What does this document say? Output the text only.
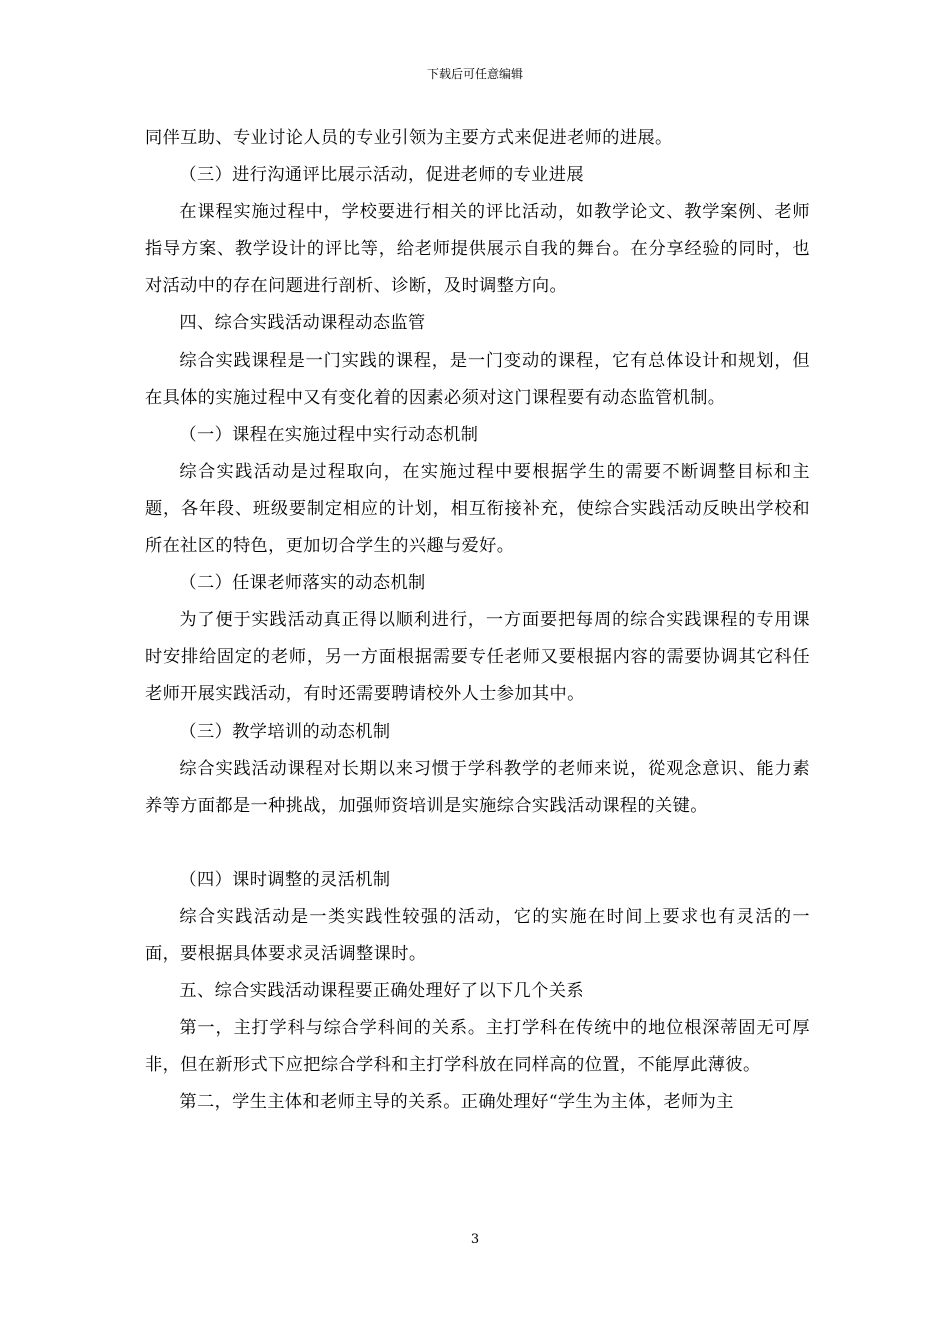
下载后可任意编辑

同伴互助、专业讨论人员的专业引领为主要方式来促进老师的进展。

（三）进行沟通评比展示活动，促进老师的专业进展

在课程实施过程中，学校要进行相关的评比活动，如教学论文、教学案例、老师指导方案、教学设计的评比等，给老师提供展示自我的舞台。在分享经验的同时，也对活动中的存在问题进行剖析、诊断，及时调整方向。

四、综合实践活动课程动态监管

综合实践课程是一门实践的课程，是一门变动的课程，它有总体设计和规划，但在具体的实施过程中又有变化着的因素必须对这门课程要有动态监管机制。

（一）课程在实施过程中实行动态机制

综合实践活动是过程取向，在实施过程中要根据学生的需要不断调整目标和主题，各年段、班级要制定相应的计划，相互衔接补充，使综合实践活动反映出学校和所在社区的特色，更加切合学生的兴趣与爱好。

（二）任课老师落实的动态机制

为了便于实践活动真正得以顺利进行，一方面要把每周的综合实践课程的专用课时安排给固定的老师，另一方面根据需要专任老师又要根据内容的需要协调其它科任老师开展实践活动，有时还需要聘请校外人士参加其中。

（三）教学培训的动态机制

综合实践活动课程对长期以来习惯于学科教学的老师来说，從观念意识、能力素养等方面都是一种挑战，加强师资培训是实施综合实践活动课程的关键。

（四）课时调整的灵活机制

综合实践活动是一类实践性较强的活动，它的实施在时间上要求也有灵活的一面，要根据具体要求灵活调整课时。

五、综合实践活动课程要正确处理好了以下几个关系

第一，主打学科与综合学科间的关系。主打学科在传统中的地位根深蒂固无可厚非，但在新形式下应把综合学科和主打学科放在同样高的位置，不能厚此薄彼。

第二，学生主体和老师主导的关系。正确处理好“学生为主体，老师为主

3
